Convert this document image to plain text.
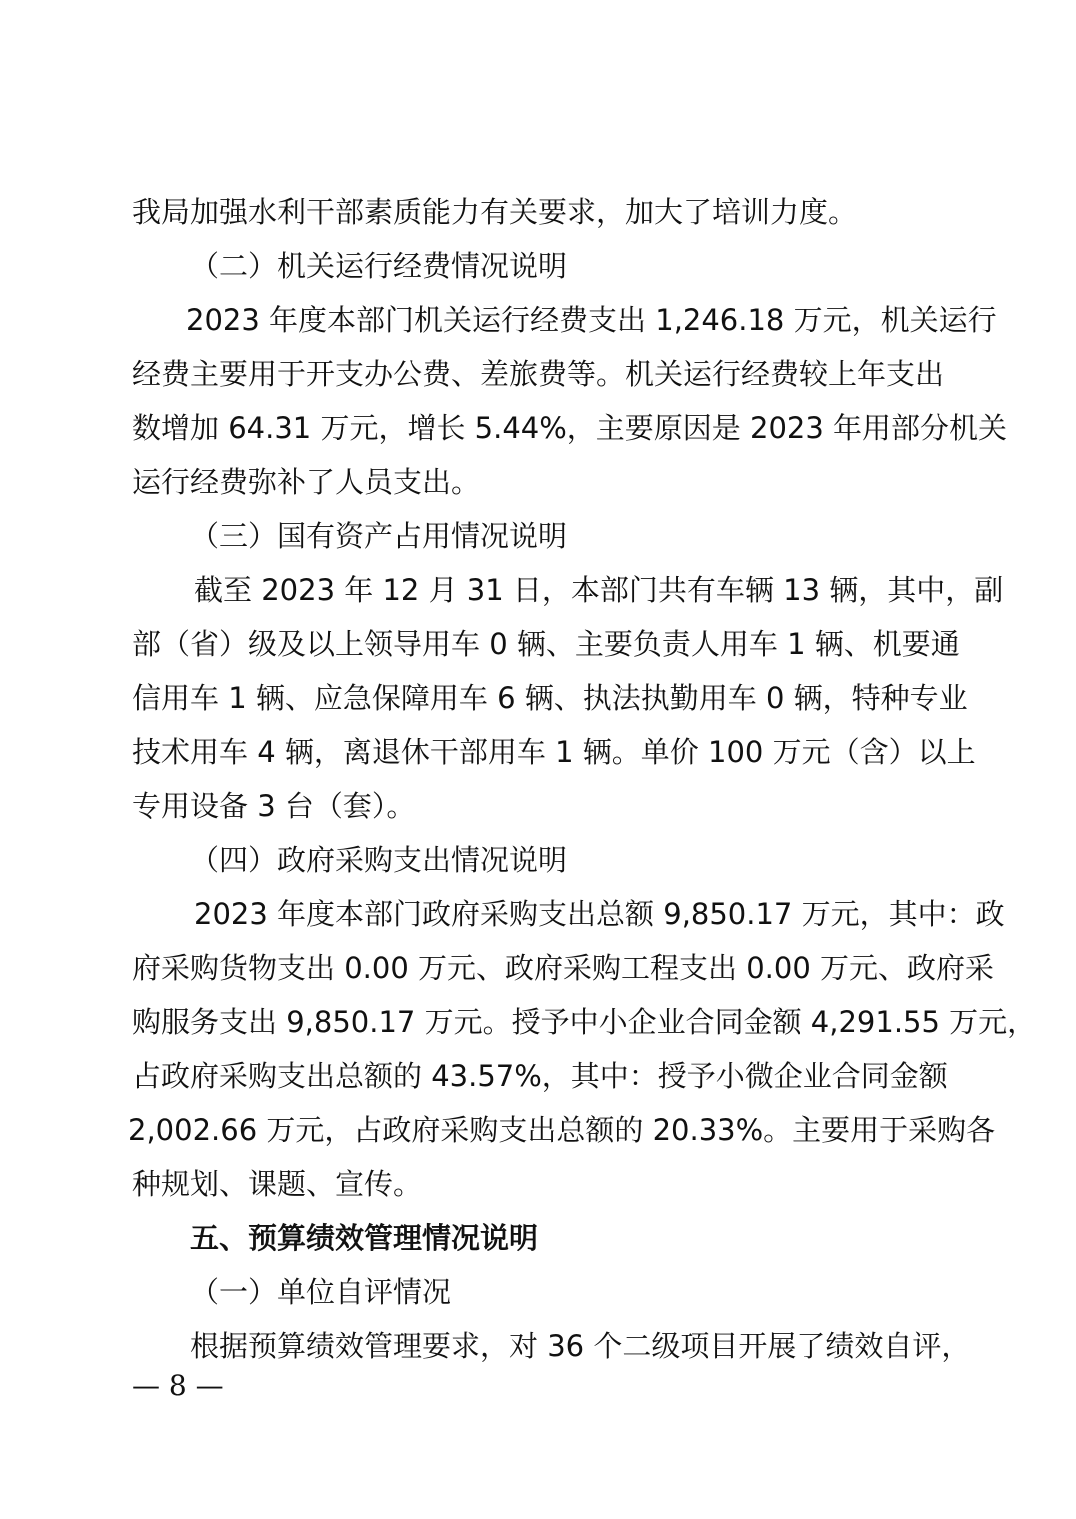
我局加强水利干部素质能力有关要求，加大了培训力度。
（二）机关运行经费情况说明
2023 年度本部门机关运行经费支出 1,246.18 万元，机关运行
经费主要用于开支办公费、差旅费等。机关运行经费较上年支出
数增加 64.31 万元，增长 5.44%，主要原因是 2023 年用部分机关
运行经费弥补了人员支出。
（三）国有资产占用情况说明
截至 2023 年 12 月 31 日，本部门共有车辆 13 辆，其中，副
部（省）级及以上领导用车 0 辆、主要负责人用车 1 辆、机要通
信用车 1 辆、应急保障用车 6 辆、执法执勤用车 0 辆，特种专业
技术用车 4 辆，离退休干部用车 1 辆。单价 100 万元（含）以上
专用设备 3 台（套）。
（四）政府采购支出情况说明
2023 年度本部门政府采购支出总额 9,850.17 万元，其中：政
府采购货物支出 0.00 万元、政府采购工程支出 0.00 万元、政府采
购服务支出 9,850.17 万元。授予中小企业合同金额 4,291.55 万元，
占政府采购支出总额的 43.57%，其中：授予小微企业合同金额
2,002.66 万元，占政府采购支出总额的 20.33%。主要用于采购各
种规划、课题、宣传。
五、预算绩效管理情况说明
（一）单位自评情况
根据预算绩效管理要求，对 36 个二级项目开展了绩效自评，
— 8 —
